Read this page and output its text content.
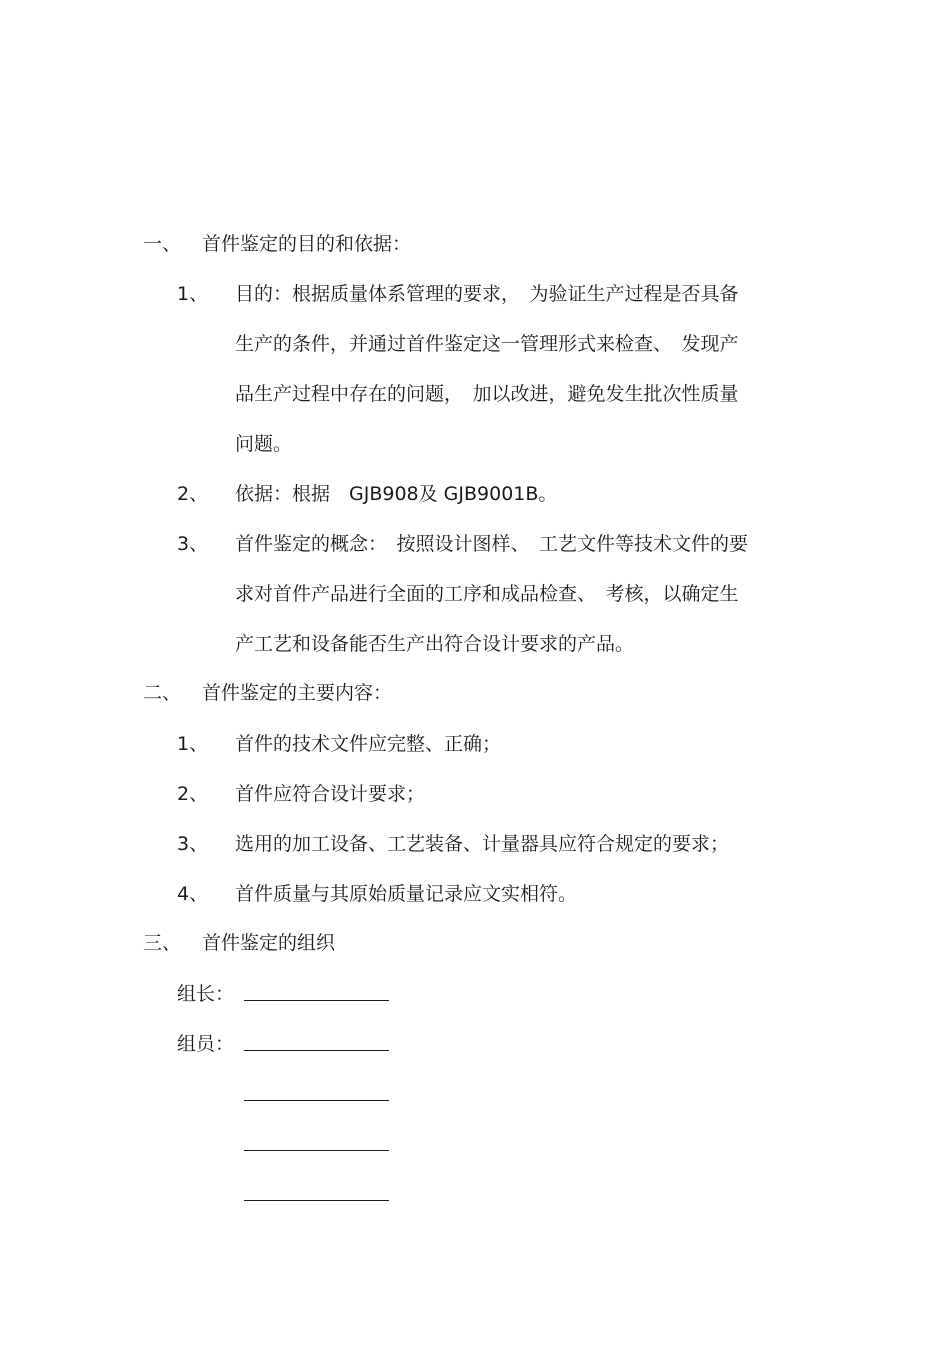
一、 首件鉴定的目的和依据：
1、 目的：根据质量体系管理的要求，　为验证生产过程是否具备
生产的条件，并通过首件鉴定这一管理形式来检查、　发现产
品生产过程中存在的问题，　加以改进，避免发生批次性质量
问题。
2、 依据：根据　GJB908及 GJB9001B。
3、 首件鉴定的概念：　按照设计图样、　工艺文件等技术文件的要
求对首件产品进行全面的工序和成品检查、　考核，以确定生
产工艺和设备能否生产出符合设计要求的产品。
二、 首件鉴定的主要内容：
1、 首件的技术文件应完整、正确；
2、 首件应符合设计要求；
3、 选用的加工设备、工艺装备、计量器具应符合规定的要求；
4、 首件质量与其原始质量记录应文实相符。
三、 首件鉴定的组织
组长：
组员：
